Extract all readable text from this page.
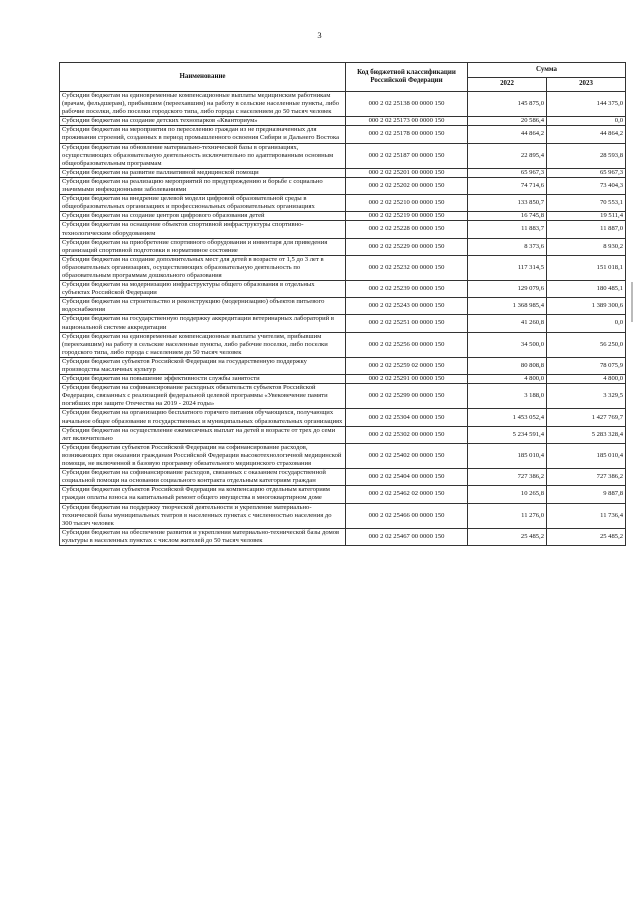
3
Наименование	Код бюджетной классификации Российской Федерации	Сумма	
		2022	2023
Субсидии бюджетам на единовременные компенсационные выплаты медицинским работникам (врачам, фельдшерам), прибывшим (переехавшим) на работу в сельские населенные пункты, либо рабочие поселки, либо поселки городского типа, либо города с населением до 50 тысяч человек	000 2 02 25138 00 0000 150	145 875,0	144 375,0
Субсидии бюджетам на создание детских технопарков «Кванториум»	000 2 02 25173 00 0000 150	20 586,4	0,0
Субсидии бюджетам на мероприятия по переселению граждан из не предназначенных для проживания строений, созданных в период промышленного освоения Сибири и Дальнего Востока	000 2 02 25178 00 0000 150	44 864,2	44 864,2
Субсидии бюджетам на обновление материально-технической базы в организациях, осуществляющих образовательную деятельность исключительно по адаптированным основным общеобразовательным программам	000 2 02 25187 00 0000 150	22 895,4	28 593,8
Субсидии бюджетам на развитие паллиативной медицинской помощи	000 2 02 25201 00 0000 150	65 967,3	65 967,3
Субсидии бюджетам на реализацию мероприятий по предупреждению и борьбе с социально значимыми инфекционными заболеваниями	000 2 02 25202 00 0000 150	74 714,6	73 404,3
Субсидии бюджетам на внедрение целевой модели цифровой образовательной среды в общеобразовательных организациях и профессиональных образовательных организациях	000 2 02 25210 00 0000 150	133 850,7	70 553,1
Субсидии бюджетам на создание центров цифрового образования детей	000 2 02 25219 00 0000 150	16 745,8	19 511,4
Субсидии бюджетам на оснащение объектов спортивной инфраструктуры спортивно-технологическим оборудованием	000 2 02 25228 00 0000 150	11 883,7	11 887,0
Субсидии бюджетам на приобретение спортивного оборудования и инвентаря для приведения организаций спортивной подготовки в нормативное состояние	000 2 02 25229 00 0000 150	8 373,6	8 930,2
Субсидии бюджетам на создание дополнительных мест для детей в возрасте от 1,5 до 3 лет в образовательных организациях, осуществляющих образовательную деятельность по образовательным программам дошкольного образования	000 2 02 25232 00 0000 150	117 314,5	151 018,1
Субсидии бюджетам на модернизацию инфраструктуры общего образования в отдельных субъектах Российской Федерации	000 2 02 25239 00 0000 150	129 079,6	180 485,1
Субсидии бюджетам на строительство и реконструкцию (модернизацию) объектов питьевого водоснабжения	000 2 02 25243 00 0000 150	1 368 985,4	1 389 300,6
Субсидии бюджетам на государственную поддержку аккредитации ветеринарных лабораторий в национальной системе аккредитации	000 2 02 25251 00 0000 150	41 260,8	0,0
Субсидии бюджетам на единовременные компенсационные выплаты учителям, прибывшим (переехавшим) на работу в сельские населенные пункты, либо рабочие поселки, либо поселки городского типа, либо города с населением до 50 тысяч человек	000 2 02 25256 00 0000 150	34 500,0	56 250,0
Субсидии бюджетам субъектов Российской Федерации на государственную поддержку производства масличных культур	000 2 02 25259 02 0000 150	80 808,8	78 075,9
Субсидии бюджетам на повышение эффективности службы занятости	000 2 02 25291 00 0000 150	4 800,0	4 800,0
Субсидии бюджетам на софинансирование расходных обязательств субъектов Российской Федерации, связанных с реализацией федеральной целевой программы «Увековечение памяти погибших при защите Отечества на 2019 - 2024 годы»	000 2 02 25299 00 0000 150	3 188,0	3 329,5
Субсидии бюджетам на организацию бесплатного горячего питания обучающихся, получающих начальное общее образование в государственных и муниципальных образовательных организациях	000 2 02 25304 00 0000 150	1 453 052,4	1 427 769,7
Субсидии бюджетам на осуществление ежемесячных выплат на детей в возрасте от трех до семи лет включительно	000 2 02 25302 00 0000 150	5 234 591,4	5 283 328,4
Субсидии бюджетам субъектов Российской Федерации на софинансирование расходов, возникающих при оказании гражданам Российской Федерации высокотехнологичной медицинской помощи, не включенной в базовую программу обязательного медицинского страхования	000 2 02 25402 00 0000 150	185 010,4	185 010,4
Субсидии бюджетам на софинансирование расходов, связанных с оказанием государственной социальной помощи на основании социального контракта отдельным категориям граждан	000 2 02 25404 00 0000 150	727 386,2	727 386,2
Субсидии бюджетам субъектов Российской Федерации на компенсацию отдельным категориям граждан оплаты взноса на капитальный ремонт общего имущества в многоквартирном доме	000 2 02 25462 02 0000 150	10 265,8	9 887,8
Субсидии бюджетам на поддержку творческой деятельности и укрепление материально-технической базы муниципальных театров в населенных пунктах с численностью населения до 300 тысяч человек	000 2 02 25466 00 0000 150	11 276,0	11 736,4
Субсидии бюджетам на обеспечение развития и укрепления материально-технической базы домов культуры в населенных пунктах с числом жителей до 50 тысяч человек	000 2 02 25467 00 0000 150	25 485,2	25 485,2
